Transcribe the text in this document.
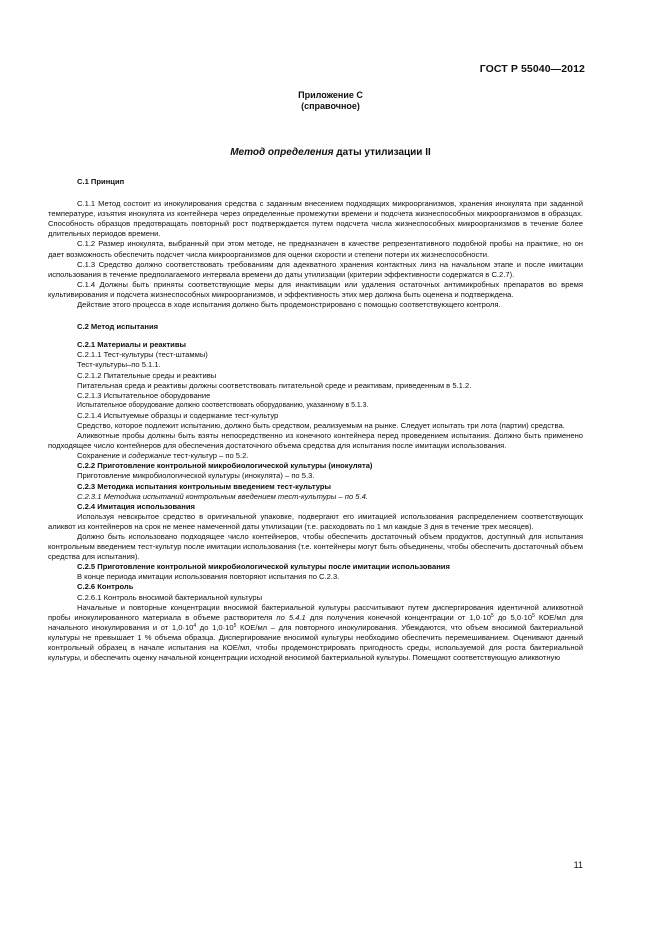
ГОСТ Р 55040—2012
Приложение С
(справочное)
Метод определения даты утилизации II

С.1 Принцип

С.1.1 Метод состоит из инокулирования средства с заданным внесением подходящих микроорганизмов, хранения инокулята при заданной температуре, изъятия инокулята из контейнера через определенные промежутки времени и подсчета жизнеспособных микроорганизмов в образцах. Способность образцов предотвращать повторный рост подтверждается путем подсчета числа жизнеспособных микроорганизмов в течение более длительных периодов времени.

С.1.2 Размер инокулята, выбранный при этом методе, не предназначен в качестве репрезентативного подобной пробы на практике, но он дает возможность обеспечить подсчет числа микроорганизмов для оценки скорости и степени потери их жизнеспособности.

С.1.3 Средство должно соответствовать требованиям для адекватного хранения контактных линз на начальном этапе и после имитации использования в течение предполагаемого интервала времени до даты утилизации (критерии эффективности содержатся в С.2.7).

С.1.4 Должны быть приняты соответствующие меры для инактивации или удаления остаточных антимикробных препаратов во время культивирования и подсчета жизнеспособных микроорганизмов, и эффективность этих мер должна быть оценена и подтверждена.

Действие этого процесса в ходе испытания должно быть продемонстрировано с помощью соответствующего контроля.

С.2 Метод испытания

С.2.1 Материалы и реактивы

С.2.1.1 Тест-культуры (тест-штаммы)

Тест-культуры–по 5.1.1.

С.2.1.2 Питательные среды и реактивы

Питательная среда и реактивы должны соответствовать питательной среде и реактивам, приведенным в 5.1.2.

С.2.1.3 Испытательное оборудование

Испытательное оборудование должно соответствовать оборудованию, указанному в 5.1.3.

С.2.1.4 Испытуемые образцы и содержание тест-культур

Средство, которое подлежит испытанию, должно быть средством, реализуемым на рынке. Следует испытать три лота (партии) средства.

Аликвотные пробы должны быть взяты непосредственно из конечного контейнера перед проведением испытания. Должно быть применено подходящее число контейнеров для обеспечения достаточного объема средства для испытания после имитации использования.

Сохранение и содержание тест-культур – по 5.2.

С.2.2 Приготовление контрольной микробиологической культуры (инокулята)

Приготовление микробиологической культуры (инокулята) – по 5.3.

С.2.3 Методика испытания контрольным введением тест-культуры

С.2.3.1 Методика испытаний контрольным введением тест-культуры – по 5.4.

С.2.4 Имитация использования

Используя невскрытое средство в оригинальной упаковке, подвергают его имитацией использования распределением соответствующих аликвот из контейнеров на срок не менее намеченной даты утилизации (т.е. расходовать по 1 мл каждые 3 дня в течение трех месяцев).

Должно быть использовано подходящее число контейнеров, чтобы обеспечить достаточный объем продуктов, доступный для испытания контрольным введением тест-культур после имитации использования (т.е. контейнеры могут быть объединены, чтобы обеспечить достаточный объем средства для испытания).

С.2.5 Приготовление контрольной микробиологической культуры после имитации использования

В конце периода имитации использования повторяют испытания по С.2.3.

С.2.6 Контроль

С.2.6.1 Контроль вносимой бактериальной культуры

Начальные и повторные концентрации вносимой бактериальной культуры рассчитывают путем диспергирования идентичной аликвотной пробы инокулированного материала в объеме растворителя по 5.4.1 для получения конечной концентрации от $1,0\cdot 10^5$ до $5,0\cdot 10^5$ КОЕ/мл для начального инокулирования и от $1,0\cdot 10^4$ до $1,0\cdot 10^5$ КОЕ/мл – для повторного инокулирования. Убеждаются, что объем вносимой бактериальной культуры не превышает 1 % объема образца. Диспергирование вносимой культуры необходимо обеспечить перемешиванием. Оценивают данный контрольный образец в начале испытания на КОЕ/мл, чтобы продемонстрировать пригодность среды, используемой для роста бактериальной культуры, и обеспечить оценку начальной концентрации исходной вносимой бактериальной культуры. Помещают соответствующую аликвотную

11
